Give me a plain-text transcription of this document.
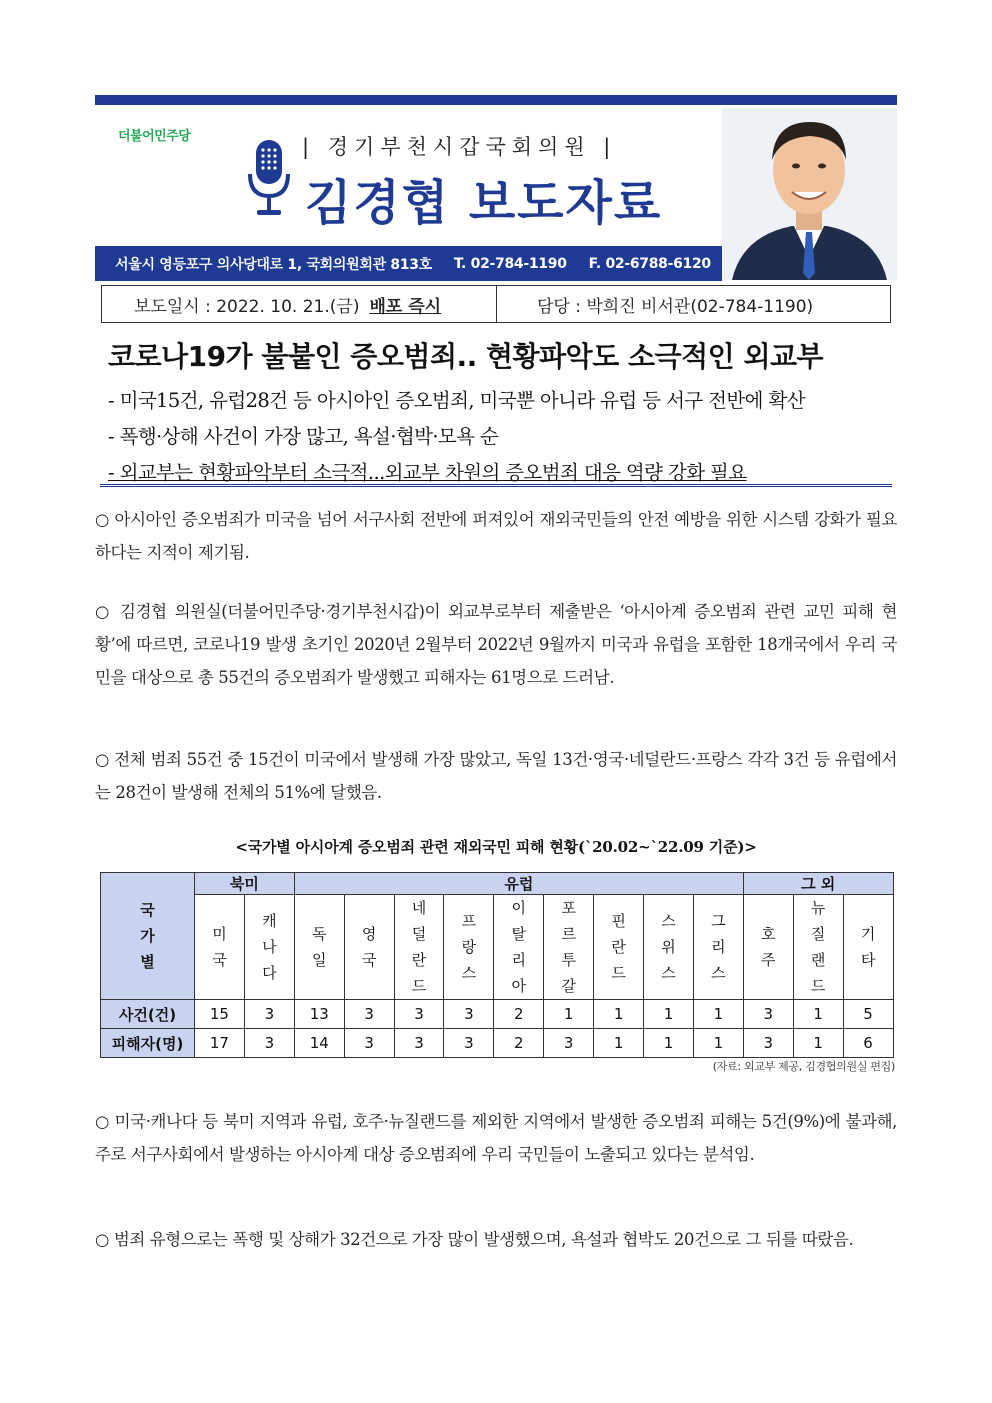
더불어민주당	| 경기부천시갑국회의원 |
김경협 보도자료
서울시 영등포구 의사당대로 1, 국회의원회관 813호 T. 02-784-1190 F. 02-6788-6120
보도일시 : 2022. 10. 21.(금) 배포 즉시	담당 : 박희진 비서관(02-784-1190)
코로나19가 불붙인 증오범죄.. 현황파악도 소극적인 외교부
- 미국15건, 유럽28건 등 아시아인 증오범죄, 미국뿐 아니라 유럽 등 서구 전반에 확산
- 폭행·상해 사건이 가장 많고, 욕설·협박·모욕 순
- 외교부는 현황파악부터 소극적...외교부 차원의 증오범죄 대응 역량 강화 필요
○ 아시아인 증오범죄가 미국을 넘어 서구사회 전반에 퍼져있어 재외국민들의 안전 예방을 위한 시스템 강화가 필요하다는 지적이 제기됨.
○ 김경협 의원실(더불어민주당·경기부천시갑)이 외교부로부터 제출받은 ‘아시아계 증오범죄 관련 교민 피해 현황’에 따르면, 코로나19 발생 초기인 2020년 2월부터 2022년 9월까지 미국과 유럽을 포함한 18개국에서 우리 국민을 대상으로 총 55건의 증오범죄가 발생했고 피해자는 61명으로 드러남.
○ 전체 범죄 55건 중 15건이 미국에서 발생해 가장 많았고, 독일 13건·영국·네덜란드·프랑스 각각 3건 등 유럽에서는 28건이 발생해 전체의 51%에 달했음.
<국가별 아시아계 증오범죄 관련 재외국민 피해 현황(`20.02~`22.09 기준)>
국가별	북미		유럽									그 외		

	미국	캐나다	독일	영국	네덜란드	프랑스	이탈리아	포르투갈	핀란드	스위스	그리스	호주	뉴질랜드	기타

사건(건)	15	3	13	3	3	3	2	1	1	1	1	3	1	5
피해자(명)	17	3	14	3	3	3	2	3	1	1	1	3	1	6
(자료: 외교부 제공, 김경협의원실 편집)
○ 미국·캐나다 등 북미 지역과 유럽, 호주·뉴질랜드를 제외한 지역에서 발생한 증오범죄 피해는 5건(9%)에 불과해, 주로 서구사회에서 발생하는 아시아계 대상 증오범죄에 우리 국민들이 노출되고 있다는 분석임.
○ 범죄 유형으로는 폭행 및 상해가 32건으로 가장 많이 발생했으며, 욕설과 협박도 20건으로 그 뒤를 따랐음.
